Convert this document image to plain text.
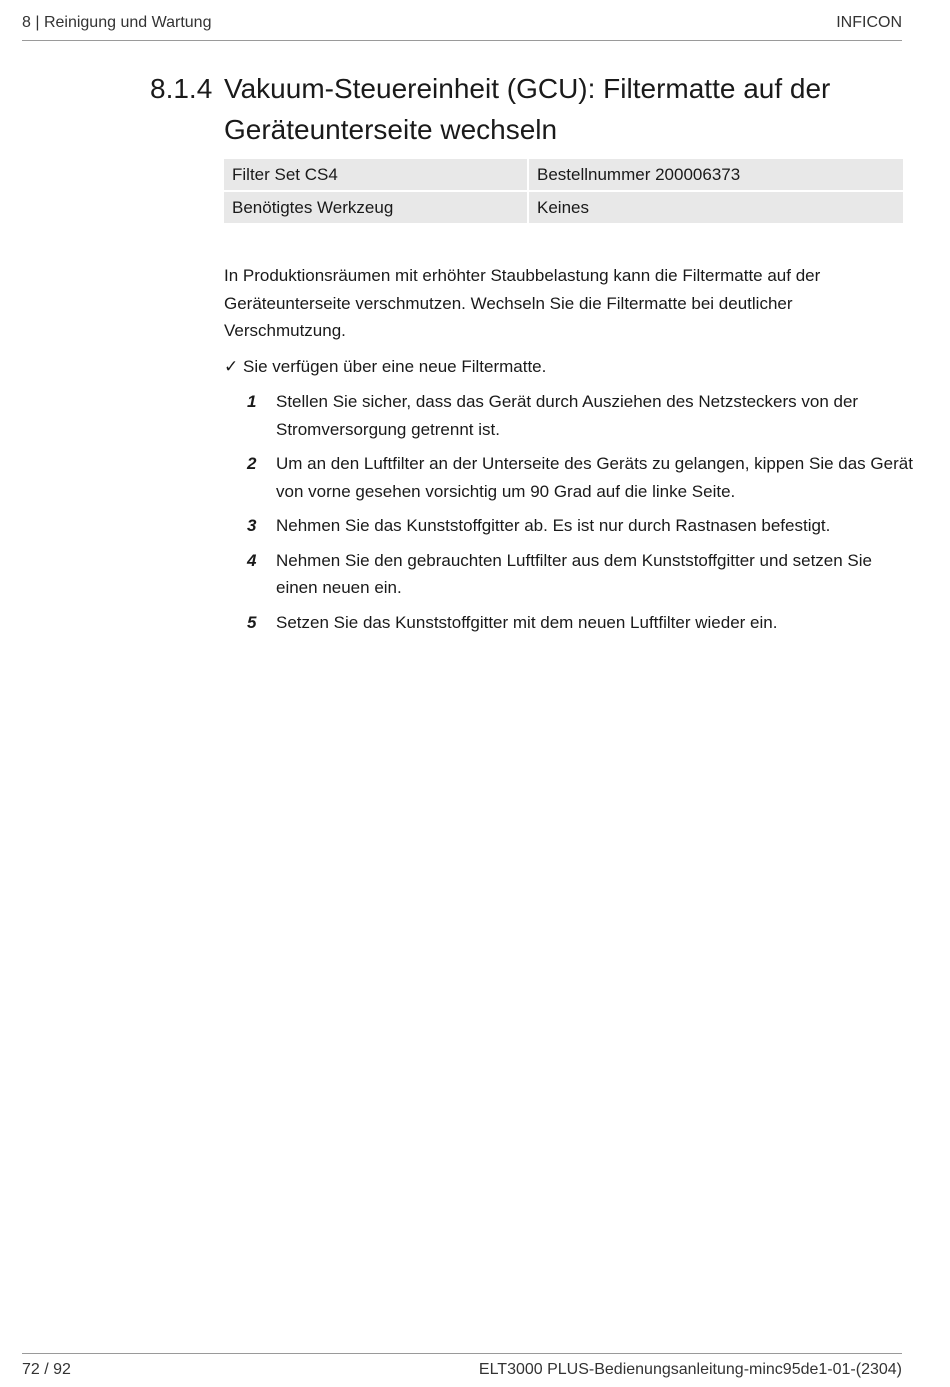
8 | Reinigung und Wartung	INFICON
8.1.4 Vakuum-Steuereinheit (GCU): Filtermatte auf der Geräteunterseite wechseln
Filter Set CS4	Bestellnummer 200006373
Benötigtes Werkzeug	Keines

In Produktionsräumen mit erhöhter Staubbelastung kann die Filtermatte auf der Geräteunterseite verschmutzen. Wechseln Sie die Filtermatte bei deutlicher Verschmutzung.

✓ Sie verfügen über eine neue Filtermatte.
1 Stellen Sie sicher, dass das Gerät durch Ausziehen des Netzsteckers von der Stromversorgung getrennt ist.
2 Um an den Luftfilter an der Unterseite des Geräts zu gelangen, kippen Sie das Gerät von vorne gesehen vorsichtig um 90 Grad auf die linke Seite.
3 Nehmen Sie das Kunststoffgitter ab. Es ist nur durch Rastnasen befestigt.
4 Nehmen Sie den gebrauchten Luftfilter aus dem Kunststoffgitter und setzen Sie einen neuen ein.
5 Setzen Sie das Kunststoffgitter mit dem neuen Luftfilter wieder ein.
72 / 92	ELT3000 PLUS-Bedienungsanleitung-minc95de1-01-(2304)
